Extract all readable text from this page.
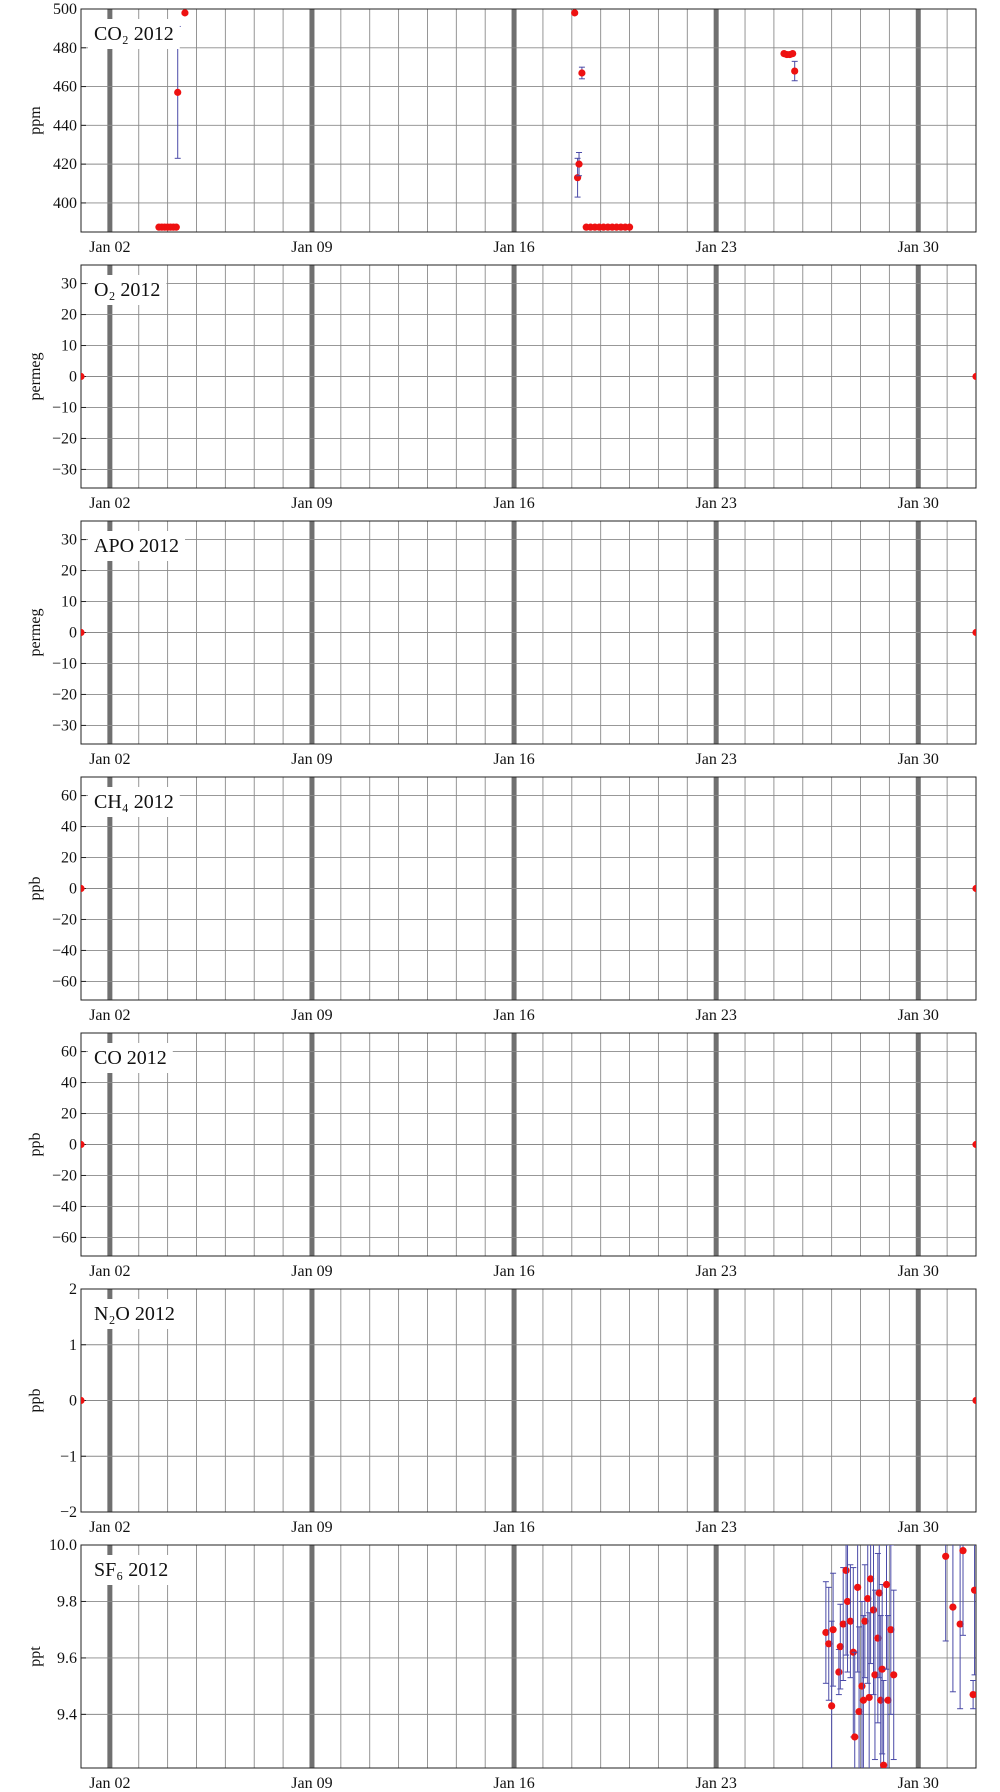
400
420
440
460
480
500
Jan 02	Jan 09	Jan 16	Jan 23	Jan 30
ppm
CO₂ 2012
−30
−20
−10
0
10
20
30
Jan 02	Jan 09	Jan 16	Jan 23	Jan 30
permeg
O₂ 2012
−30
−20
−10
0
10
20
30
Jan 02	Jan 09	Jan 16	Jan 23	Jan 30
permeg
APO 2012
−60
−40
−20
0
20
40
60
Jan 02	Jan 09	Jan 16	Jan 23	Jan 30
ppb
CH₄ 2012
−60
−40
−20
0
20
40
60
Jan 02	Jan 09	Jan 16	Jan 23	Jan 30
ppb
CO 2012
−2
−1
0
1
2
Jan 02	Jan 09	Jan 16	Jan 23	Jan 30
ppb
N₂O 2012
9.4
9.6
9.8
10.0
Jan 02	Jan 09	Jan 16	Jan 23	Jan 30
ppt
SF₆ 2012
